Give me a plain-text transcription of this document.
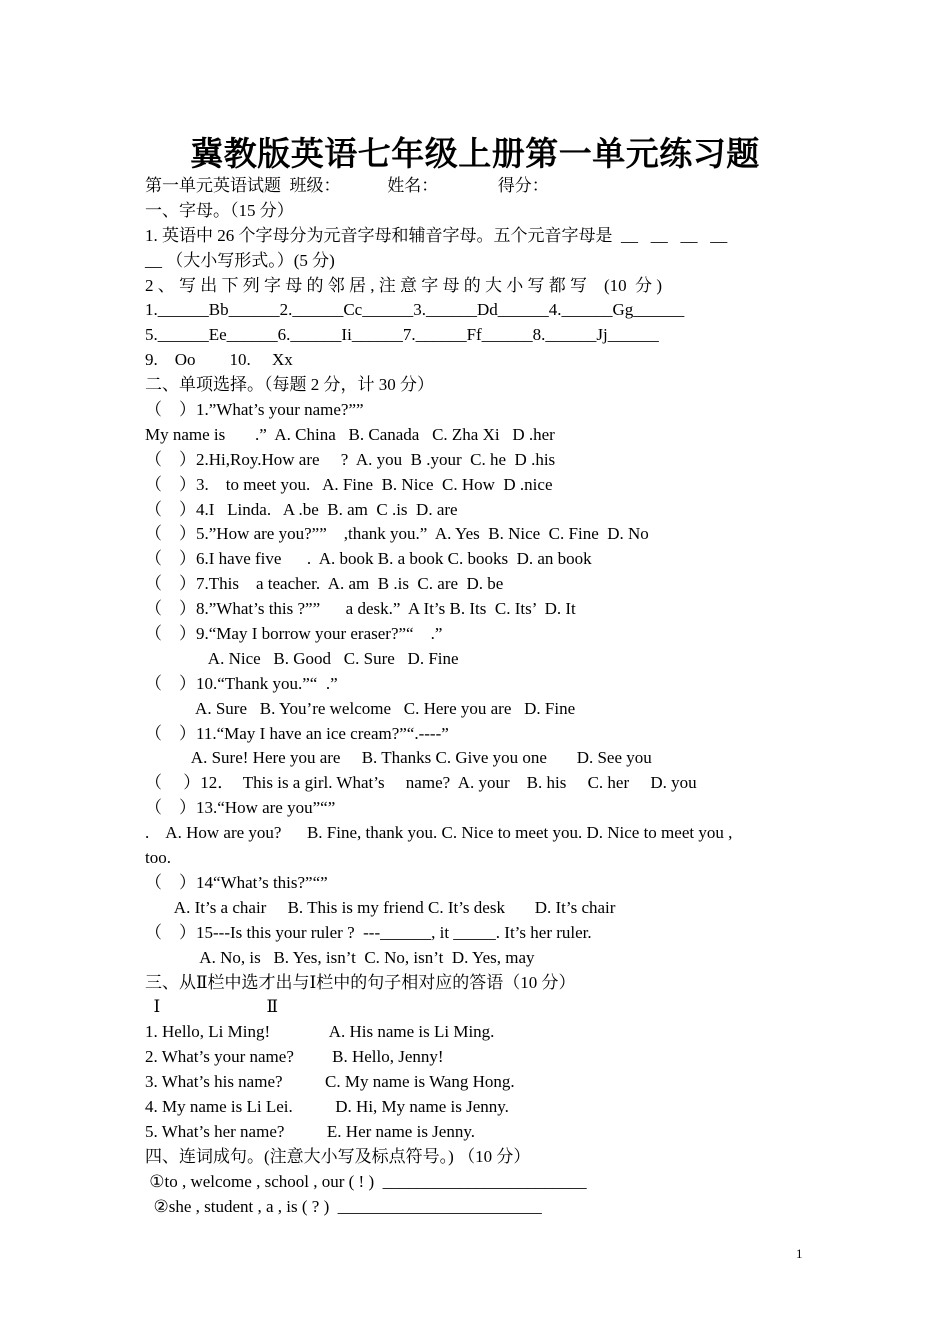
冀教版英语七年级上册第一单元练习题
第一单元英语试题  班级：           姓名：              得分：
一、字母。（15 分）
1. 英语中 26 个字母分为元音字母和辅音字母。五个元音字母是  __   __   __   __
__ （大小写形式。）(5 分)
2 、 写 出 下 列 字 母 的 邻 居 , 注 意 字 母 的 大 小 写 都 写    (10  分 )
1.______Bb______2.______Cc______3.______Dd______4.______Gg______
5.______Ee______6.______Ii______7.______Ff______8.______Jj______
9.    Oo        10.     Xx
二、单项选择。（每题 2 分，计 30 分）
（    ）1.”What’s your name?””
My name is       .”  A. China   B. Canada   C. Zha Xi   D .her
（    ）2.Hi,Roy.How are     ?  A. you  B .your  C. he  D .his
（    ）3.    to meet you.   A. Fine  B. Nice  C. How  D .nice
（    ）4.I   Linda.   A .be  B. am  C .is  D. are
（    ）5.”How are you?””    ,thank you.”  A. Yes  B. Nice  C. Fine  D. No
（    ）6.I have five      .  A. book B. a book C. books  D. an book
（    ）7.This    a teacher.  A. am  B .is  C. are  D. be
（    ）8.”What’s this ?””      a desk.”  A It’s B. Its  C. Its’  D. It
（    ）9.“May I borrow your eraser?”“    .”
A. Nice   B. Good   C. Sure   D. Fine
（    ）10.“Thank you.”“  .”
A. Sure   B. You’re welcome   C. Here you are   D. Fine
（    ）11.“May I have an ice cream?”“.----”
A. Sure! Here you are     B. Thanks C. Give you one       D. See you
（     ）12．  This is a girl. What’s     name?  A. your    B. his     C. her     D. you
（    ）13.“How are you”“”
.    A. How are you?      B. Fine, thank you. C. Nice to meet you. D. Nice to meet you ,
too.
（    ）14“What’s this?”“”
A. It’s a chair     B. This is my friend C. It’s desk       D. It’s chair
（    ）15---Is this your ruler ?  ---______, it _____. It’s her ruler.
A. No, is   B. Yes, isn’t  C. No, isn’t  D. Yes, may
三、从Ⅱ栏中选才出与Ⅰ栏中的句子相对应的答语（10 分）
Ⅰ                         Ⅱ
1. Hello, Li Ming!              A. His name is Li Ming.
2. What’s your name?         B. Hello, Jenny!
3. What’s his name?          C. My name is Wang Hong.
4. My name is Li Lei.          D. Hi, My name is Jenny.
5. What’s her name?          E. Her name is Jenny.
四、连词成句。(注意大小写及标点符号。) （10 分）
①to , welcome , school , our ( ! )  ________________________
②she , student , a , is ( ? )  ________________________
1
